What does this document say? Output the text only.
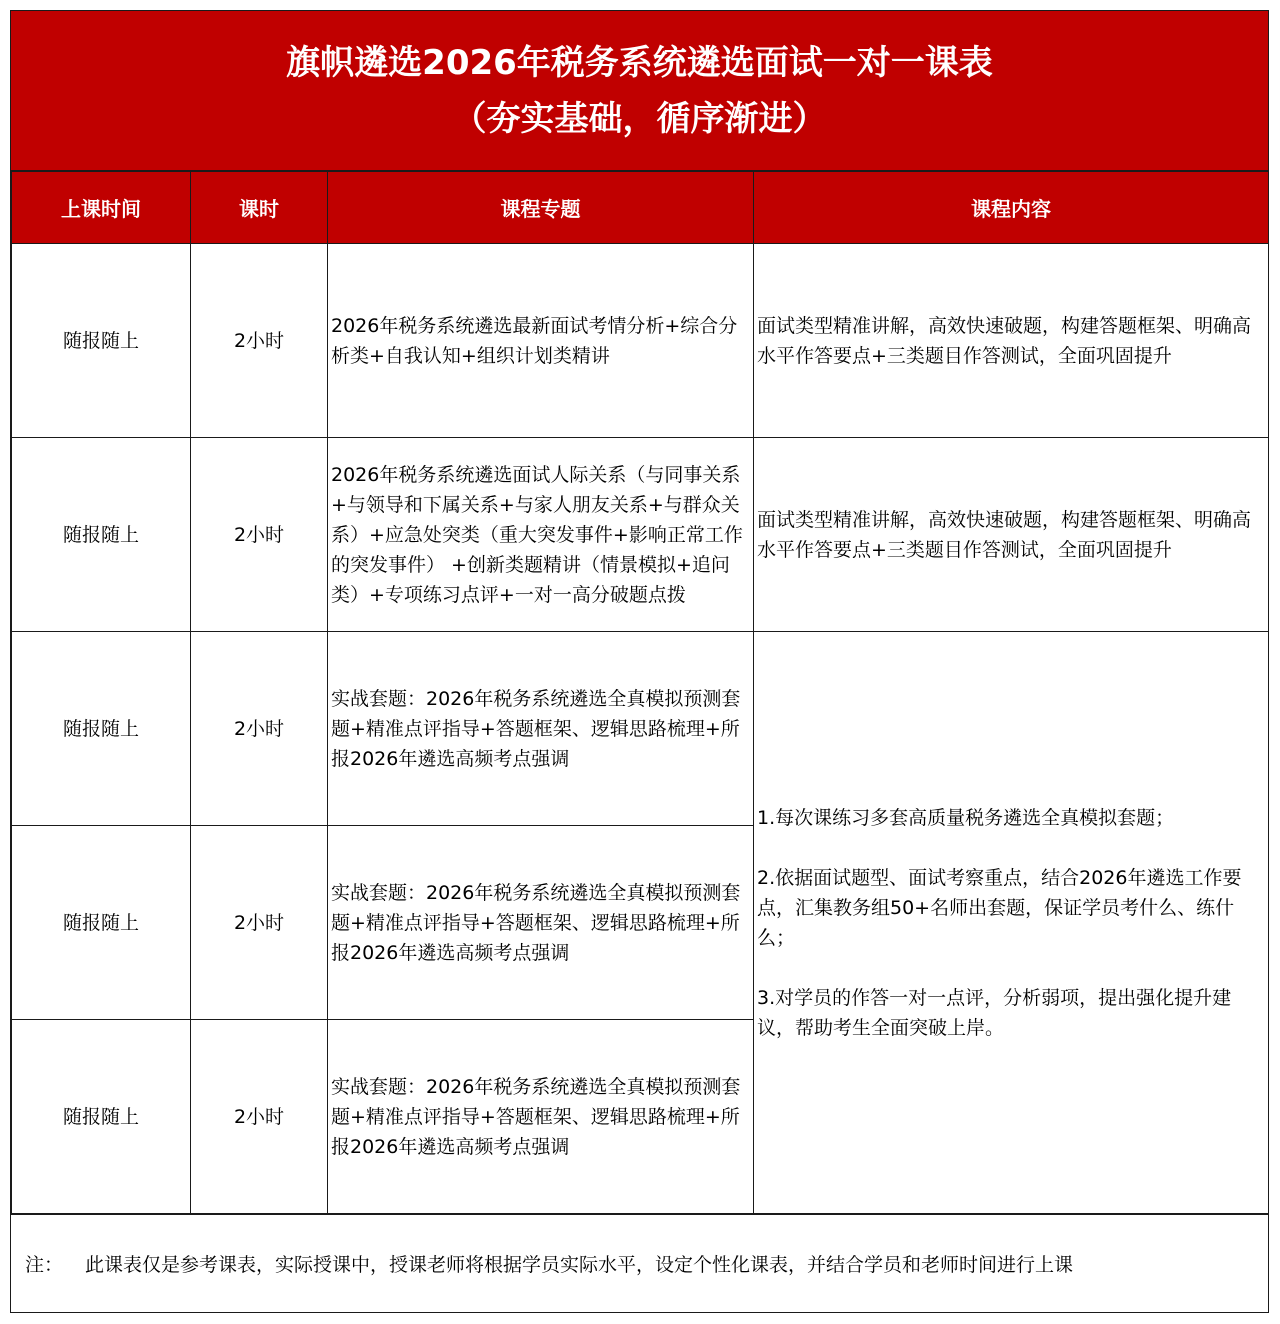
旗帜遴选2026年税务系统遴选面试一对一课表
（夯实基础，循序渐进）
上课时间	课时	课程专题	课程内容
随报随上	2小时	2026年税务系统遴选最新面试考情分析+综合分析类+自我认知+组织计划类精讲	面试类型精准讲解，高效快速破题，构建答题框架、明确高水平作答要点+三类题目作答测试，全面巩固提升
随报随上	2小时	2026年税务系统遴选面试人际关系（与同事关系+与领导和下属关系+与家人朋友关系+与群众关系）+应急处突类（重大突发事件+影响正常工作的突发事件） +创新类题精讲（情景模拟+追问类）+专项练习点评+一对一高分破题点拨	面试类型精准讲解，高效快速破题，构建答题框架、明确高水平作答要点+三类题目作答测试，全面巩固提升
随报随上	2小时	实战套题：2026年税务系统遴选全真模拟预测套题+精准点评指导+答题框架、逻辑思路梳理+所报2026年遴选高频考点强调	1.每次课练习多套高质量税务遴选全真模拟套题；
2.依据面试题型、面试考察重点，结合2026年遴选工作要点，汇集教务组50+名师出套题，保证学员考什么、练什么；
3.对学员的作答一对一点评，分析弱项，提出强化提升建议，帮助考生全面突破上岸。

随报随上	2小时	实战套题：2026年税务系统遴选全真模拟预测套题+精准点评指导+答题框架、逻辑思路梳理+所报2026年遴选高频考点强调	
随报随上	2小时	实战套题：2026年税务系统遴选全真模拟预测套题+精准点评指导+答题框架、逻辑思路梳理+所报2026年遴选高频考点强调	
注： 此课表仅是参考课表，实际授课中，授课老师将根据学员实际水平，设定个性化课表，并结合学员和老师时间进行上课
